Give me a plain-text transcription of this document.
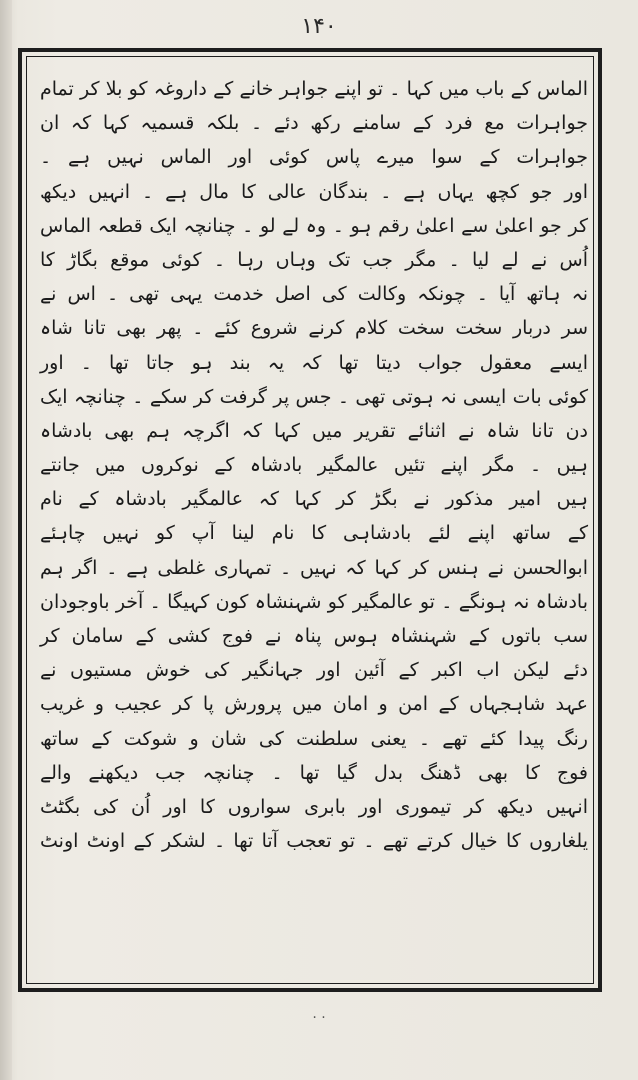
۱۴۰
الماس کے باب میں کہا ۔ تو اپنے جواہر خانے کے داروغہ کو بلا کر تمام
جواہرات مع فرد کے سامنے رکھ دئے ۔ بلکہ قسمیہ کہا کہ ان
جواہرات کے سوا میرے پاس کوئی اور الماس نہیں ہے ۔
اور جو کچھ یہاں ہے ۔ بندگان عالی کا مال ہے ۔ انہیں دیکھ
کر جو اعلیٰ سے اعلیٰ رقم ہو ۔ وہ لے لو ۔ چنانچہ ایک قطعہ الماس
اُس نے لے لیا ۔ مگر جب تک وہاں رہا ۔ کوئی موقع بگاڑ کا
نہ ہاتھ آیا ۔ چونکہ وکالت کی اصل خدمت یہی تھی ۔ اس نے
سر دربار سخت سخت کلام کرنے شروع کئے ۔ پھر بھی تانا شاہ
ایسے معقول جواب دیتا تھا کہ یہ بند ہو جاتا تھا ۔ اور
کوئی بات ایسی نہ ہوتی تھی ۔ جس پر گرفت کر سکے ۔ چنانچہ ایک
دن تانا شاہ نے اثنائے تقریر میں کہا کہ اگرچہ ہم بھی بادشاہ
ہیں ۔ مگر اپنے تئیں عالمگیر بادشاہ کے نوکروں میں جانتے
ہیں امیر مذکور نے بگڑ کر کہا کہ عالمگیر بادشاہ کے نام
کے ساتھ اپنے لئے بادشاہی کا نام لینا آپ کو نہیں چاہئے
ابوالحسن نے ہنس کر کہا کہ نہیں ۔ تمہاری غلطی ہے ۔ اگر ہم
بادشاہ نہ ہونگے ۔ تو عالمگیر کو شہنشاہ کون کہیگا ۔ آخر باوجودان
سب باتوں کے شہنشاہ ہوس پناہ نے فوج کشی کے سامان کر
دئے لیکن اب اکبر کے آئین اور جہانگیر کی خوش مستیوں نے
عہد شاہجہاں کے امن و امان میں پرورش پا کر عجیب و غریب
رنگ پیدا کئے تھے ۔ یعنی سلطنت کی شان و شوکت کے ساتھ
فوج کا بھی ڈھنگ بدل گیا تھا ۔ چنانچہ جب دیکھنے والے
انہیں دیکھ کر تیموری اور بابری سواروں کا اور اُن کی بگٹٹ
یلغاروں کا خیال کرتے تھے ۔ تو تعجب آتا تھا ۔ لشکر کے اونٹ اونٹ
· ·
